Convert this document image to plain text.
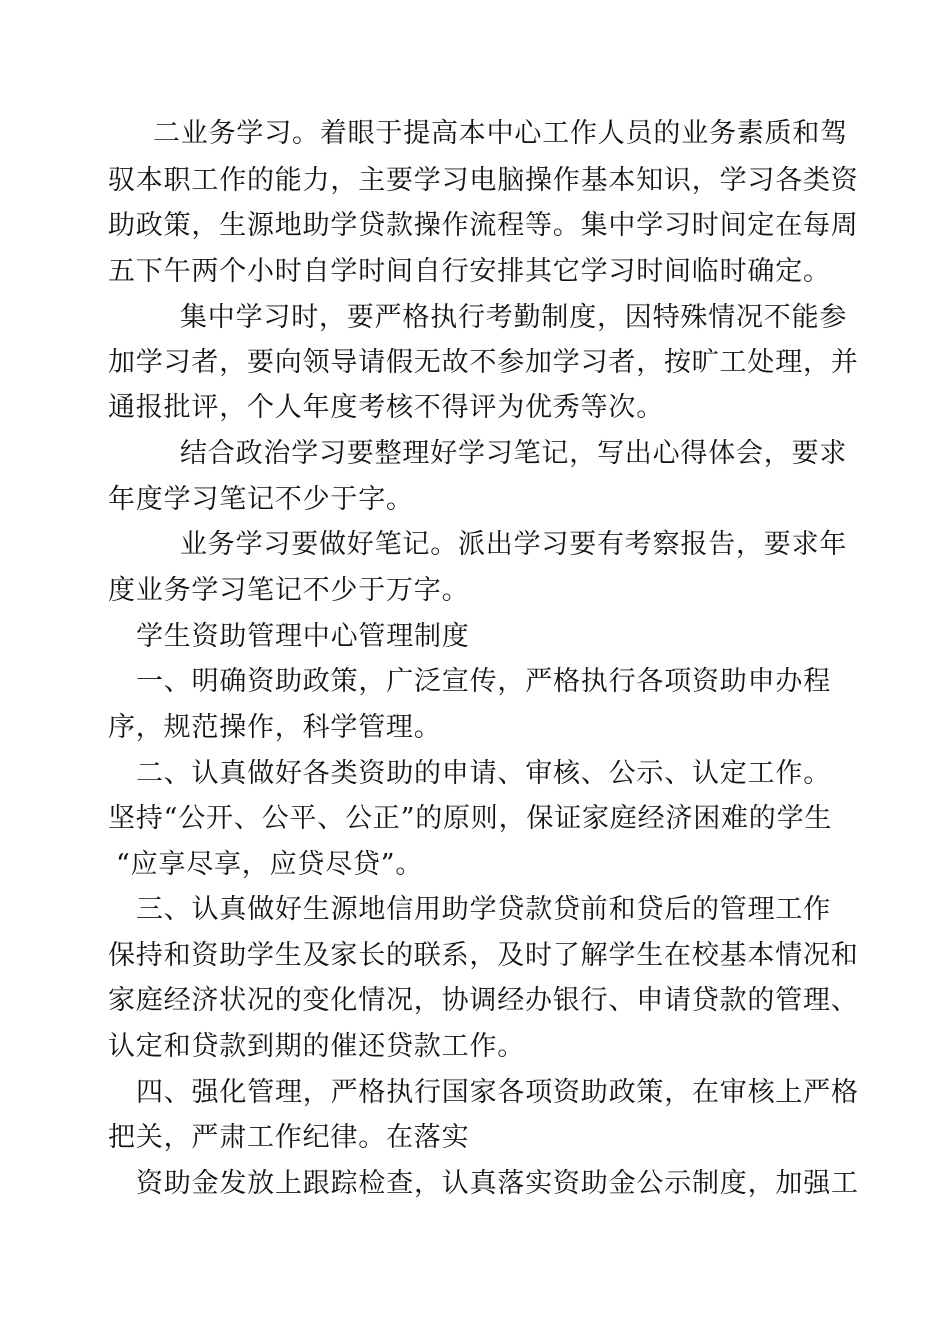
二业务学习。着眼于提高本中心工作人员的业务素质和驾
驭本职工作的能力，主要学习电脑操作基本知识，学习各类资
助政策，生源地助学贷款操作流程等。集中学习时间定在每周
五下午两个小时自学时间自行安排其它学习时间临时确定。
集中学习时，要严格执行考勤制度，因特殊情况不能参
加学习者，要向领导请假无故不参加学习者，按旷工处理，并
通报批评，个人年度考核不得评为优秀等次。
结合政治学习要整理好学习笔记，写出心得体会，要求
年度学习笔记不少于字。
业务学习要做好笔记。派出学习要有考察报告，要求年
度业务学习笔记不少于万字。
学生资助管理中心管理制度
一、明确资助政策，广泛宣传，严格执行各项资助申办程
序，规范操作，科学管理。
二、认真做好各类资助的申请、审核、公示、认定工作。
坚持“公开、公平、公正”的原则，保证家庭经济困难的学生
“应享尽享，应贷尽贷”。
三、认真做好生源地信用助学贷款贷前和贷后的管理工作
保持和资助学生及家长的联系，及时了解学生在校基本情况和
家庭经济状况的变化情况，协调经办银行、申请贷款的管理、
认定和贷款到期的催还贷款工作。
四、强化管理，严格执行国家各项资助政策，在审核上严格
把关，严肃工作纪律。在落实
资助金发放上跟踪检查，认真落实资助金公示制度，加强工
